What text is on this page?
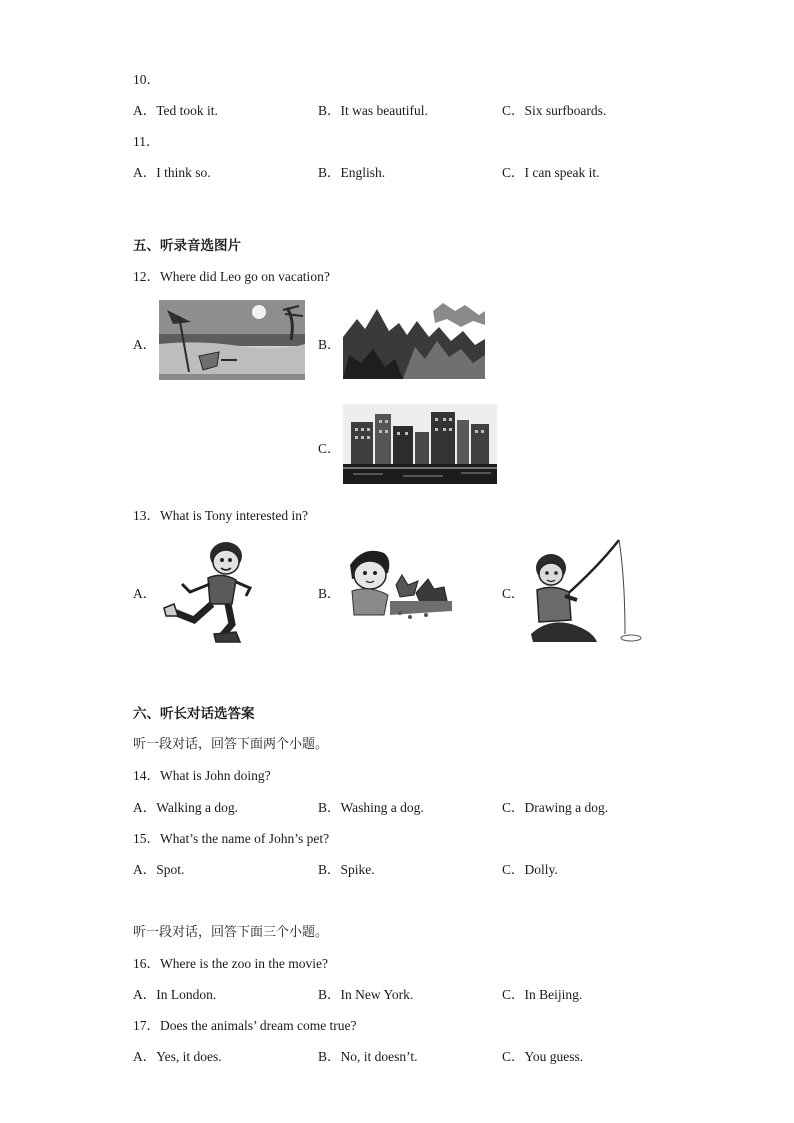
10．
A．Ted took it.	B．It was beautiful.	C．Six surfboards.
11．
A．I think so.	B．English.	C．I can speak it.
五、听录音选图片
12．Where did Leo go on vacation?
A．	B．
C．
13．What is Tony interested in?
A．	B．	C．
六、听长对话选答案
听一段对话，回答下面两个小题。
14．What is John doing?
A．Walking a dog.	B．Washing a dog.	C．Drawing a dog.
15．What’s the name of John’s pet?
A．Spot.	B．Spike.	C．Dolly.
听一段对话，回答下面三个小题。
16．Where is the zoo in the movie?
A．In London.	B．In New York.	C．In Beijing.
17．Does the animals’ dream come true?
A．Yes, it does.	B．No, it doesn’t.	C．You guess.
